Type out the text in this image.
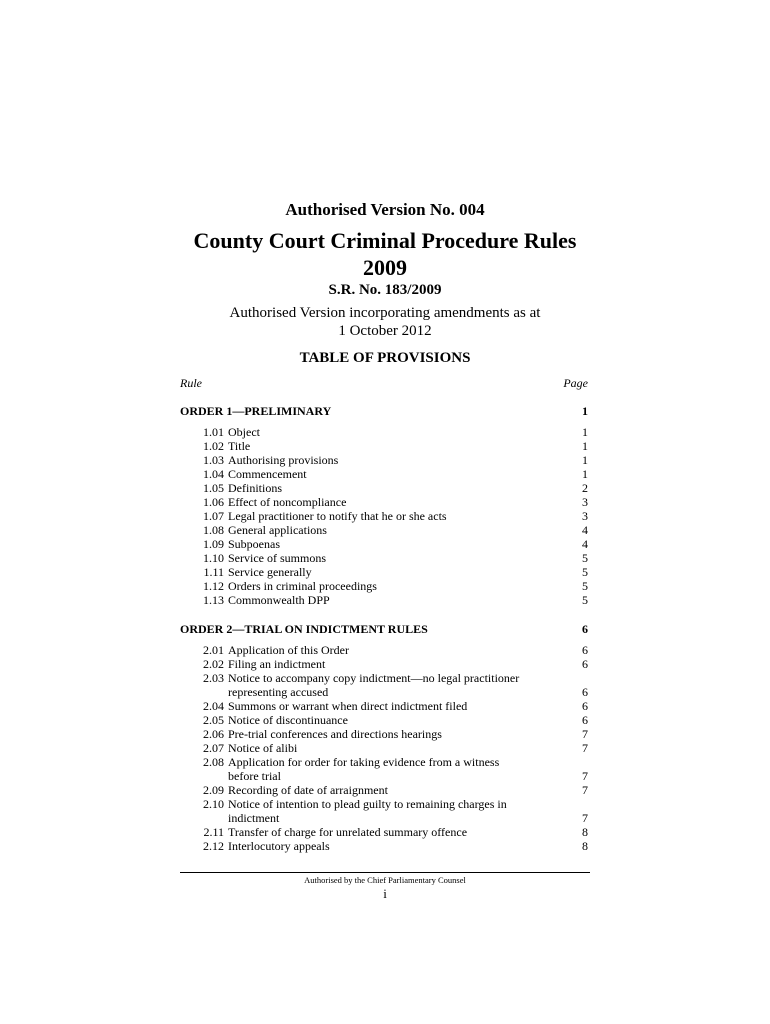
Authorised Version No. 004
County Court Criminal Procedure Rules
2009
S.R. No. 183/2009
Authorised Version incorporating amendments as at
1 October 2012
TABLE OF PROVISIONS
Rule	Page
ORDER 1—PRELIMINARY	1
1.01 Object	1
1.02 Title	1
1.03 Authorising provisions	1
1.04 Commencement	1
1.05 Definitions	2
1.06 Effect of noncompliance	3
1.07 Legal practitioner to notify that he or she acts	3
1.08 General applications	4
1.09 Subpoenas	4
1.10 Service of summons	5
1.11 Service generally	5
1.12 Orders in criminal proceedings	5
1.13 Commonwealth DPP	5
ORDER 2—TRIAL ON INDICTMENT RULES	6
2.01 Application of this Order	6
2.02 Filing an indictment	6
2.03 Notice to accompany copy indictment—no legal practitioner
representing accused	6
2.04 Summons or warrant when direct indictment filed	6
2.05 Notice of discontinuance	6
2.06 Pre-trial conferences and directions hearings	7
2.07 Notice of alibi	7
2.08 Application for order for taking evidence from a witness
before trial	7
2.09 Recording of date of arraignment	7
2.10 Notice of intention to plead guilty to remaining charges in
indictment	7
2.11 Transfer of charge for unrelated summary offence	8
2.12 Interlocutory appeals	8
Authorised by the Chief Parliamentary Counsel
i
